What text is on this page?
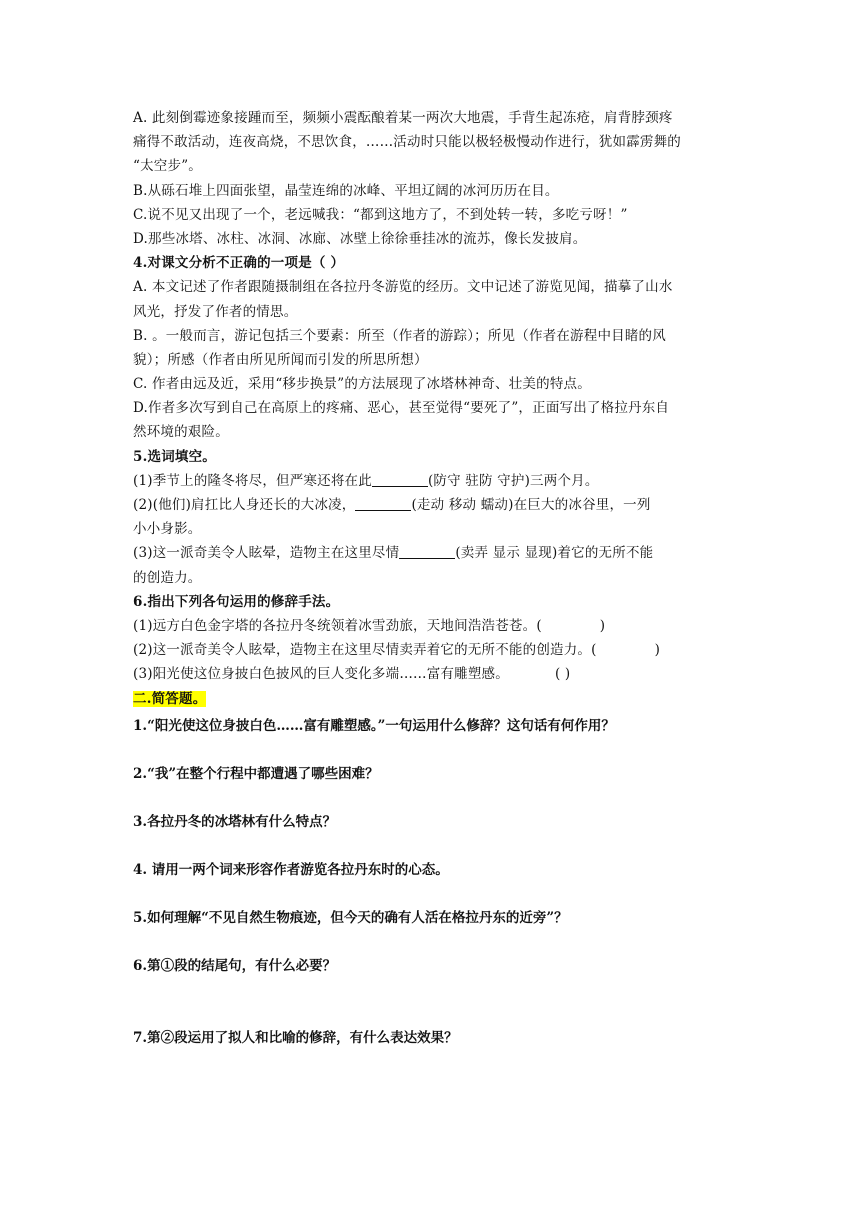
A. 此刻倒霉迹象接踵而至，频频小震酝酿着某一两次大地震，手背生起冻疮，肩背脖颈疼
痛得不敢活动，连夜高烧，不思饮食，……活动时只能以极轻极慢动作进行，犹如霹雳舞的
“太空步”。
B.从砾石堆上四面张望，晶莹连绵的冰峰、平坦辽阔的冰河历历在目。
C.说不见又出现了一个，老远喊我：“都到这地方了，不到处转一转，多吃亏呀！”
D.那些冰塔、冰柱、冰洞、冰廊、冰壁上徐徐垂挂冰的流苏，像长发披肩。
4.对课文分析不正确的一项是（ ）
A. 本文记述了作者跟随摄制组在各拉丹冬游览的经历。文中记述了游览见闻，描摹了山水
风光，抒发了作者的情思。
B. 。一般而言，游记包括三个要素：所至（作者的游踪）；所见（作者在游程中目睹的风
貌）；所感（作者由所见所闻而引发的所思所想）
C. 作者由远及近，采用“移步换景”的方法展现了冰塔林神奇、壮美的特点。
D.作者多次写到自己在高原上的疼痛、恶心，甚至觉得“要死了”，正面写出了格拉丹东自
然环境的艰险。
5.选词填空。
(1)季节上的隆冬将尽，但严寒还将在此	(防守 驻防 守护)三两个月。
(2)(他们)肩扛比人身还长的大冰凌，	(走动 移动 蠕动)在巨大的冰谷里，一列
小小身影。
(3)这一派奇美令人眩晕，造物主在这里尽情	(卖弄 显示 显现)着它的无所不能
的创造力。
6.指出下列各句运用的修辞手法。
(1)远方白色金字塔的各拉丹冬统领着冰雪劲旅，天地间浩浩苍苍。(	)
(2)这一派奇美令人眩晕，造物主在这里尽情卖弄着它的无所不能的创造力。(	)
(3)阳光使这位身披白色披风的巨人变化多端……富有雕塑感。	( )
二.简答题。
1.“阳光使这位身披白色……富有雕塑感。”一句运用什么修辞？这句话有何作用？
2.“我”在整个行程中都遭遇了哪些困难？
3.各拉丹冬的冰塔林有什么特点？
4. 请用一两个词来形容作者游览各拉丹东时的心态。
5.如何理解“不见自然生物痕迹，但今天的确有人活在格拉丹东的近旁”？
6.第①段的结尾句，有什么必要？
7.第②段运用了拟人和比喻的修辞，有什么表达效果？
